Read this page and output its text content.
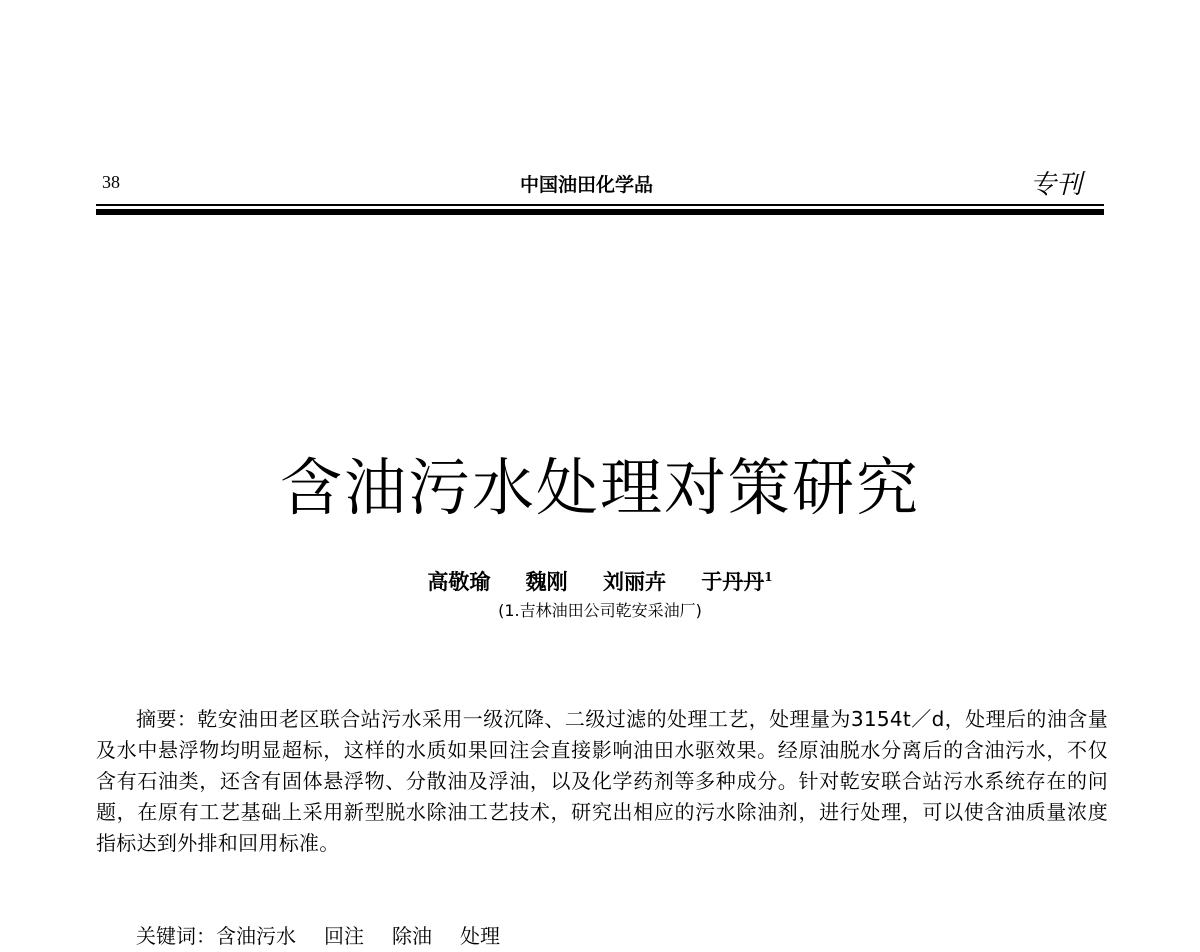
38	中国油田化学品	专刊
含油污水处理对策研究
高敬瑜 魏刚 刘丽卉 于丹丹$^1$
(1.吉林油田公司乾安采油厂)

摘要：乾安油田老区联合站污水采用一级沉降、二级过滤的处理工艺，处理量为3154t／d，处理后的油含量及水中悬浮物均明显超标，这样的水质如果回注会直接影响油田水驱效果。经原油脱水分离后的含油污水，不仅含有石油类，还含有固体悬浮物、分散油及浮油，以及化学药剂等多种成分。针对乾安联合站污水系统存在的问题，在原有工艺基础上采用新型脱水除油工艺技术，研究出相应的污水除油剂，进行处理，可以使含油质量浓度指标达到外排和回用标准。

关键词：含油污水 回注 除油 处理
